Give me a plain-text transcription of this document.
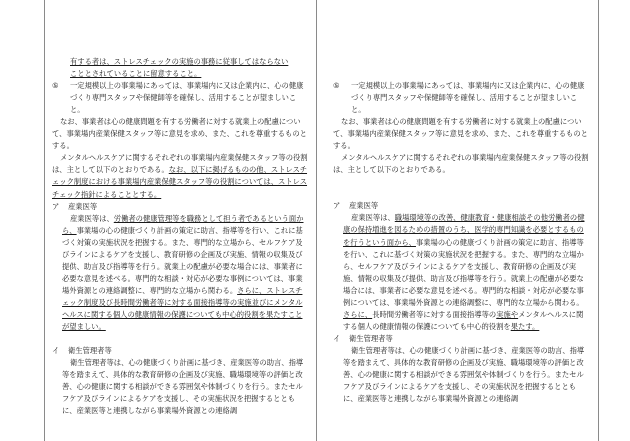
有する者は、ストレスチェックの実施の事務に従事してはならない
こととされていることに留意すること。
⑤	一定規模以上の事業場にあっては、事業場内に又は企業内に、心の健康づくり専門スタッフや保健師等を確保し、活用することが望ましいこと。
なお、事業者は心の健康問題を有する労働者に対する就業上の配慮について、事業場内産業保健スタッフ等に意見を求め、また、これを尊重するものとする。
メンタルヘルスケアに関するそれぞれの事業場内産業保健スタッフ等の役割は、主として以下のとおりである。なお、以下に掲げるものの他、ストレスチェック制度における事業場内産業保健スタッフ等の役割については、ストレスチェック指針によることとする。
ア	産業医等
産業医等は、労働者の健康管理等を職務として担う者であるという面から、事業場の心の健康づくり計画の策定に助言、指導等を行い、これに基づく対策の実施状況を把握する。また、専門的な立場から、セルフケア及びラインによるケアを支援し、教育研修の企画及び実施、情報の収集及び提供、助言及び指導等を行う。就業上の配慮が必要な場合には、事業者に必要な意見を述べる。専門的な相談・対応が必要な事例については、事業場外資源との連絡調整に、専門的な立場から関わる。さらに、ストレスチェック制度及び長時間労働者等に対する面接指導等の実施並びにメンタルヘルスに関する個人の健康情報の保護についても中心的役割を果たすことが望ましい。
イ	衛生管理者等
衛生管理者等は、心の健康づくり計画に基づき、産業医等の助言、指導等を踏まえて、具体的な教育研修の企画及び実施、職場環境等の評価と改善、心の健康に関する相談ができる雰囲気や体制づくりを行う。またセルフケア及びラインによるケアを支援し、その実施状況を把握するとともに、産業医等と連携しながら事業場外資源との連絡調
⑤	一定規模以上の事業場にあっては、事業場内に又は企業内に、心の健康づくり専門スタッフや保健師等を確保し、活用することが望ましいこと。
なお、事業者は心の健康問題を有する労働者に対する就業上の配慮について、事業場内産業保健スタッフ等に意見を求め、また、これを尊重するものとする。
メンタルヘルスケアに関するそれぞれの事業場内産業保健スタッフ等の役割は、主として以下のとおりである。
ア	産業医等
産業医等は、職場環境等の改善、健康教育・健康相談その他労働者の健康の保持増進を図るための措置のうち、医学的専門知識を必要とするものを行うという面から、事業場の心の健康づくり計画の策定に助言、指導等を行い、これに基づく対策の実施状況を把握する。また、専門的な立場から、セルフケア及びラインによるケアを支援し、教育研修の企画及び実施、情報の収集及び提供、助言及び指導等を行う。就業上の配慮が必要な場合には、事業者に必要な意見を述べる。専門的な相談・対応が必要な事例については、事業場外資源との連絡調整に、専門的な立場から関わる。さらに、長時間労働者等に対する面接指導等の実施やメンタルヘルスに関する個人の健康情報の保護についても中心的役割を果たす。
イ	衛生管理者等
衛生管理者等は、心の健康づくり計画に基づき、産業医等の助言、指導等を踏まえて、具体的な教育研修の企画及び実施、職場環境等の評価と改善、心の健康に関する相談ができる雰囲気や体制づくりを行う。またセルフケア及びラインによるケアを支援し、その実施状況を把握するとともに、産業医等と連携しながら事業場外資源との連絡調
